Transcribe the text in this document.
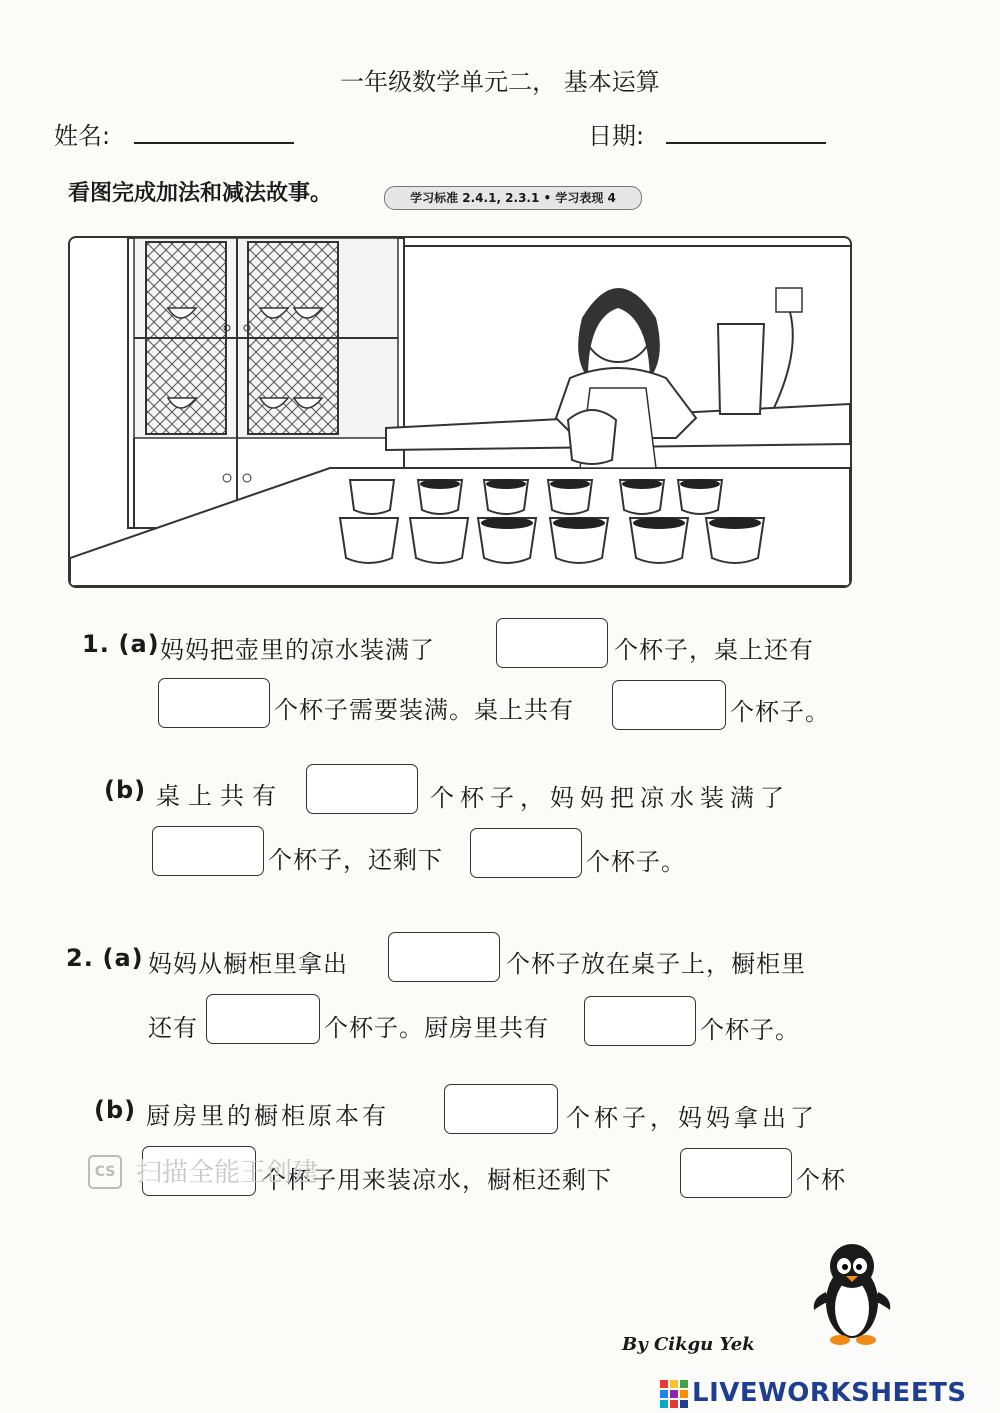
一年级数学单元二， 基本运算
姓名:	日期:
看图完成加法和减法故事。	学习标准 2.4.1, 2.3.1 • 学习表现 4
1. (a) 妈妈把壶里的凉水装满了	个杯子，桌上还有
个杯子需要装满。桌上共有	个杯子。
(b) 桌上共有	个杯子，妈妈把凉水装满了
个杯子，还剩下	个杯子。
2. (a) 妈妈从橱柜里拿出	个杯子放在桌子上，橱柜里
还有	个杯子。厨房里共有	个杯子。
(b) 厨房里的橱柜原本有	个杯子，妈妈拿出了
个杯子用来装凉水，橱柜还剩下	个杯
CS 扫描全能王创建
By Cikgu Yek
LIVEWORKSHEETS
